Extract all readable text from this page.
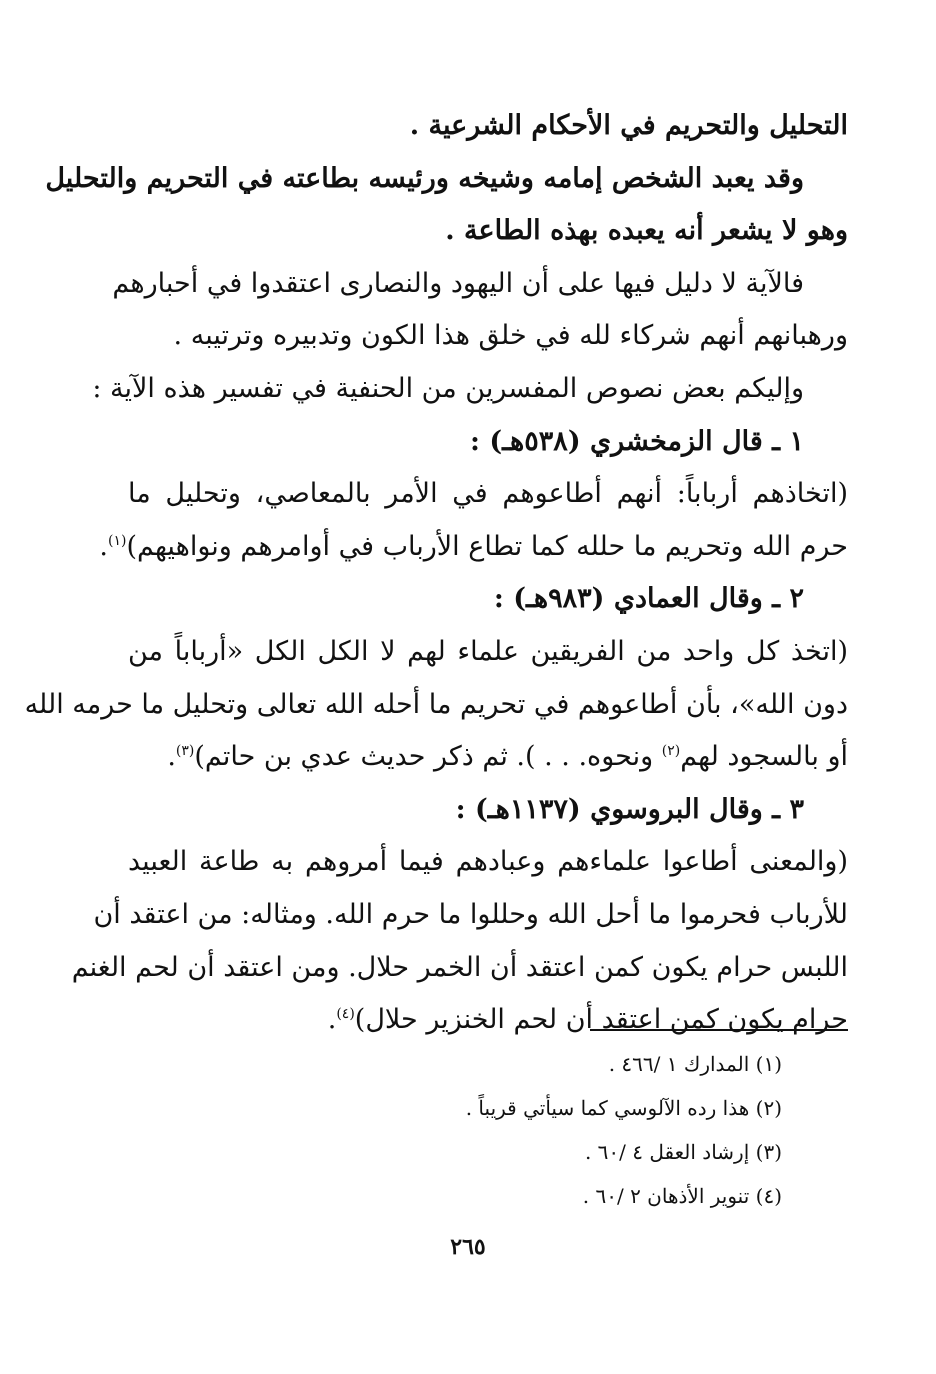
التحليل والتحريم في الأحكام الشرعية .
وقد يعبد الشخص إمامه وشيخه ورئيسه بطاعته في التحريم والتحليل
وهو لا يشعر أنه يعبده بهذه الطاعة .
فالآية لا دليل فيها على أن اليهود والنصارى اعتقدوا في أحبارهم
ورهبانهم أنهم شركاء لله في خلق هذا الكون وتدبيره وترتيبه .
وإليكم بعض نصوص المفسرين من الحنفية في تفسير هذه الآية :
١ ـ قال الزمخشري (٥٣٨هـ) :
(اتخاذهم أرباباً: أنهم أطاعوهم في الأمر بالمعاصي، وتحليل ما
حرم الله وتحريم ما حلله كما تطاع الأرباب في أوامرهم ونواهيهم)$^{(١)}$.
٢ ـ وقال العمادي (٩٨٣هـ) :
(اتخذ كل واحد من الفريقين علماء لهم لا الكل الكل «أرباباً من
دون الله»، بأن أطاعوهم في تحريم ما أحله الله تعالى وتحليل ما حرمه الله
أو بالسجود لهم$^{(٢)}$ ونحوه. . . ). ثم ذكر حديث عدي بن حاتم)$^{(٣)}$.
٣ ـ وقال البروسوي (١١٣٧هـ) :
(والمعنى أطاعوا علماءهم وعبادهم فيما أمروهم به طاعة العبيد
للأرباب فحرموا ما أحل الله وحللوا ما حرم الله. ومثاله: من اعتقد أن
اللبس حرام يكون كمن اعتقد أن الخمر حلال. ومن اعتقد أن لحم الغنم
حرام يكون كمن اعتقد أن لحم الخنزير حلال)$^{(٤)}$.
(١) المدارك ١ /٤٦٦ .
(٢) هذا رده الآلوسي كما سيأتي قريباً .
(٣) إرشاد العقل ٤ /٦٠ .
(٤) تنوير الأذهان ٢ /٦٠ .
٢٦٥
